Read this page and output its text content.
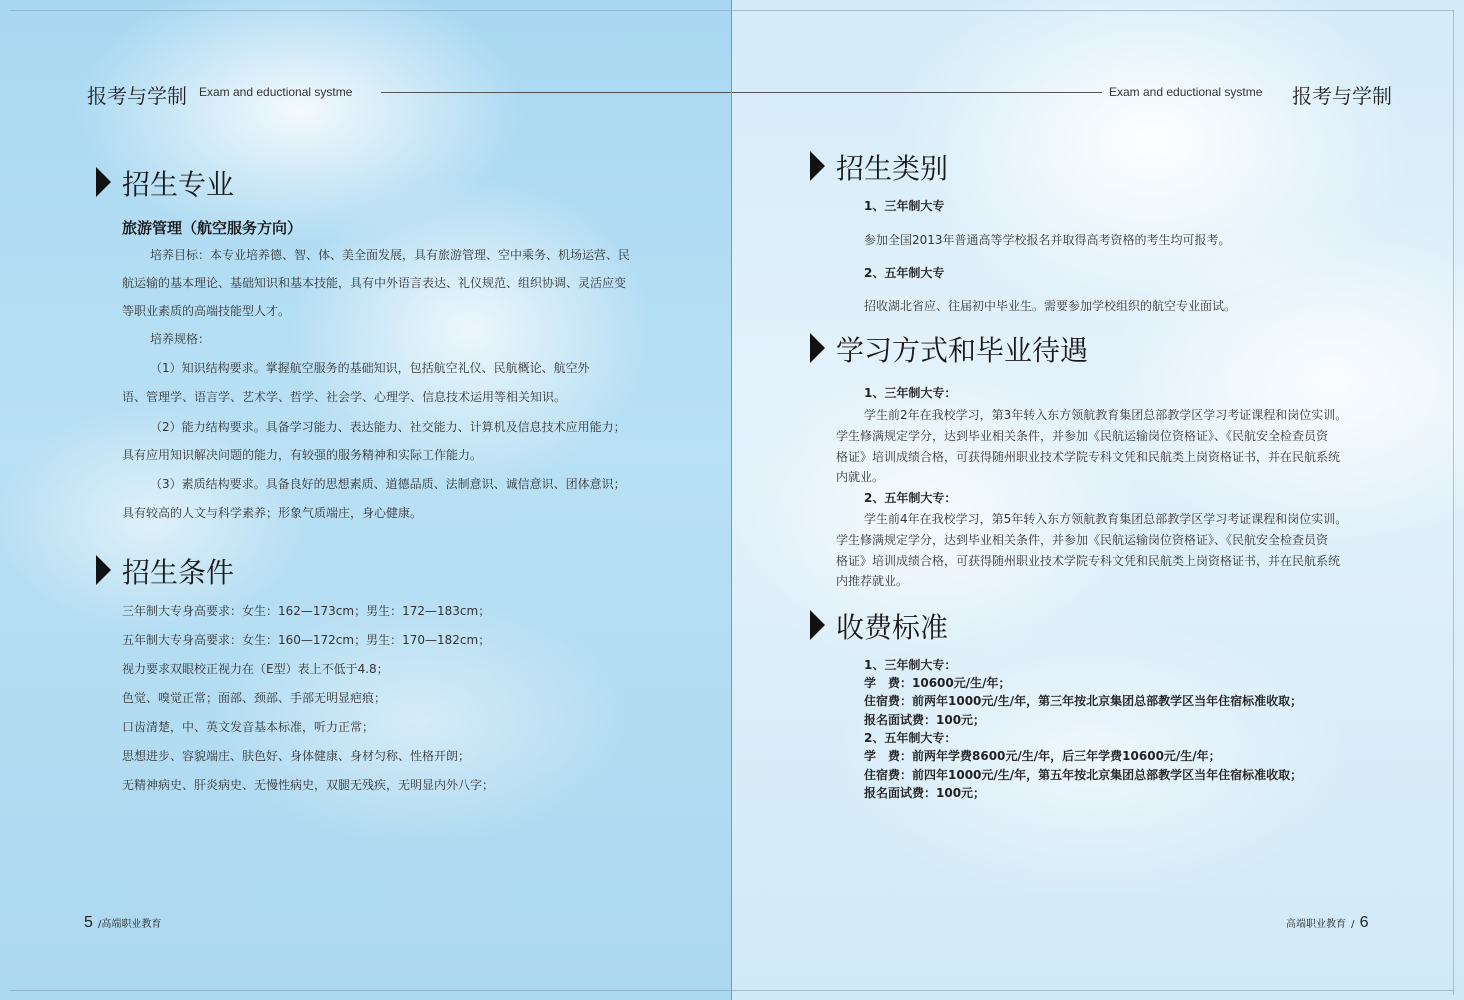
报考与学制 Exam and eductional systme
招生专业
旅游管理（航空服务方向）
培养目标：本专业培养德、智、体、美全面发展，具有旅游管理、空中乘务、机场运营、民
航运输的基本理论、基础知识和基本技能，具有中外语言表达、礼仪规范、组织协调、灵活应变
等职业素质的高端技能型人才。
培养规格：
（1）知识结构要求。掌握航空服务的基础知识，包括航空礼仪、民航概论、航空外
语、管理学、语言学、艺术学、哲学、社会学、心理学、信息技术运用等相关知识。
（2）能力结构要求。具备学习能力、表达能力、社交能力、计算机及信息技术应用能力；
具有应用知识解决问题的能力，有较强的服务精神和实际工作能力。
（3）素质结构要求。具备良好的思想素质、道德品质、法制意识、诚信意识、团体意识；
具有较高的人文与科学素养；形象气质端庄，身心健康。
招生条件
三年制大专身高要求：女生：162—173cm；男生：172—183cm；
五年制大专身高要求：女生：160—172cm；男生：170—182cm；
视力要求双眼校正视力在（E型）表上不低于4.8；
色觉、嗅觉正常；面部、颈部、手部无明显疤痕；
口齿清楚，中、英文发音基本标准，听力正常；
思想进步、容貌端庄、肤色好、身体健康、身材匀称、性格开朗；
无精神病史、肝炎病史、无慢性病史，双腿无残疾，无明显内外八字；
5 /高端职业教育
Exam and eductional systme 报考与学制
招生类别
1、三年制大专
参加全国2013年普通高等学校报名并取得高考资格的考生均可报考。
2、五年制大专
招收湖北省应、往届初中毕业生。需要参加学校组织的航空专业面试。
学习方式和毕业待遇
1、三年制大专：
学生前2年在我校学习，第3年转入东方领航教育集团总部教学区学习考证课程和岗位实训。
学生修满规定学分，达到毕业相关条件，并参加《民航运输岗位资格证》、《民航安全检查员资
格证》培训成绩合格，可获得随州职业技术学院专科文凭和民航类上岗资格证书，并在民航系统
内就业。
2、五年制大专：
学生前4年在我校学习，第5年转入东方领航教育集团总部教学区学习考证课程和岗位实训。
学生修满规定学分，达到毕业相关条件，并参加《民航运输岗位资格证》、《民航安全检查员资
格证》培训成绩合格，可获得随州职业技术学院专科文凭和民航类上岗资格证书，并在民航系统
内推荐就业。
收费标准
1、三年制大专：
学　费：10600元/生/年；
住宿费：前两年1000元/生/年，第三年按北京集团总部教学区当年住宿标准收取；
报名面试费：100元；
2、五年制大专：
学　费：前两年学费8600元/生/年，后三年学费10600元/生/年；
住宿费：前四年1000元/生/年，第五年按北京集团总部教学区当年住宿标准收取；
报名面试费：100元；
高端职业教育 / 6
